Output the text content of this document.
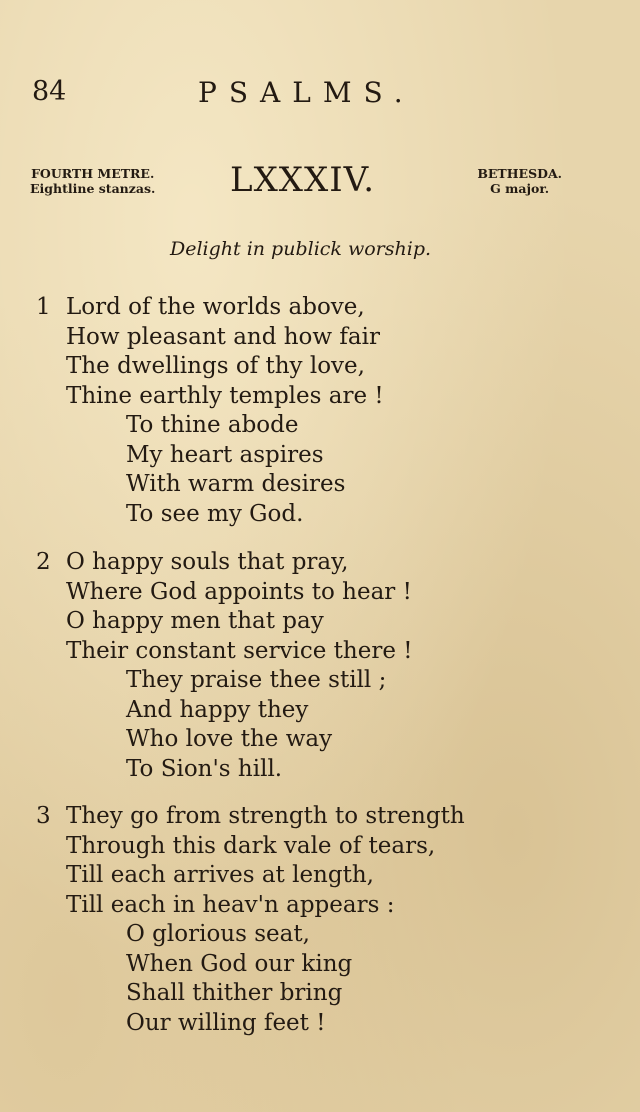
84	PSALMS.
FOURTH METRE.
Eightline stanzas. LXXXIV.	BETHESDA.
G major.
Delight in publick worship.
1 Lord of the worlds above,
How pleasant and how fair
The dwellings of thy love,
Thine earthly temples are !
To thine abode
My heart aspires
With warm desires
To see my God.
2 O happy souls that pray,
Where God appoints to hear !
O happy men that pay
Their constant service there !
They praise thee still ;
And happy they
Who love the way
To Sion's hill.
3 They go from strength to strength
Through this dark vale of tears,
Till each arrives at length,
Till each in heav'n appears :
O glorious seat,
When God our king
Shall thither bring
Our willing feet !
